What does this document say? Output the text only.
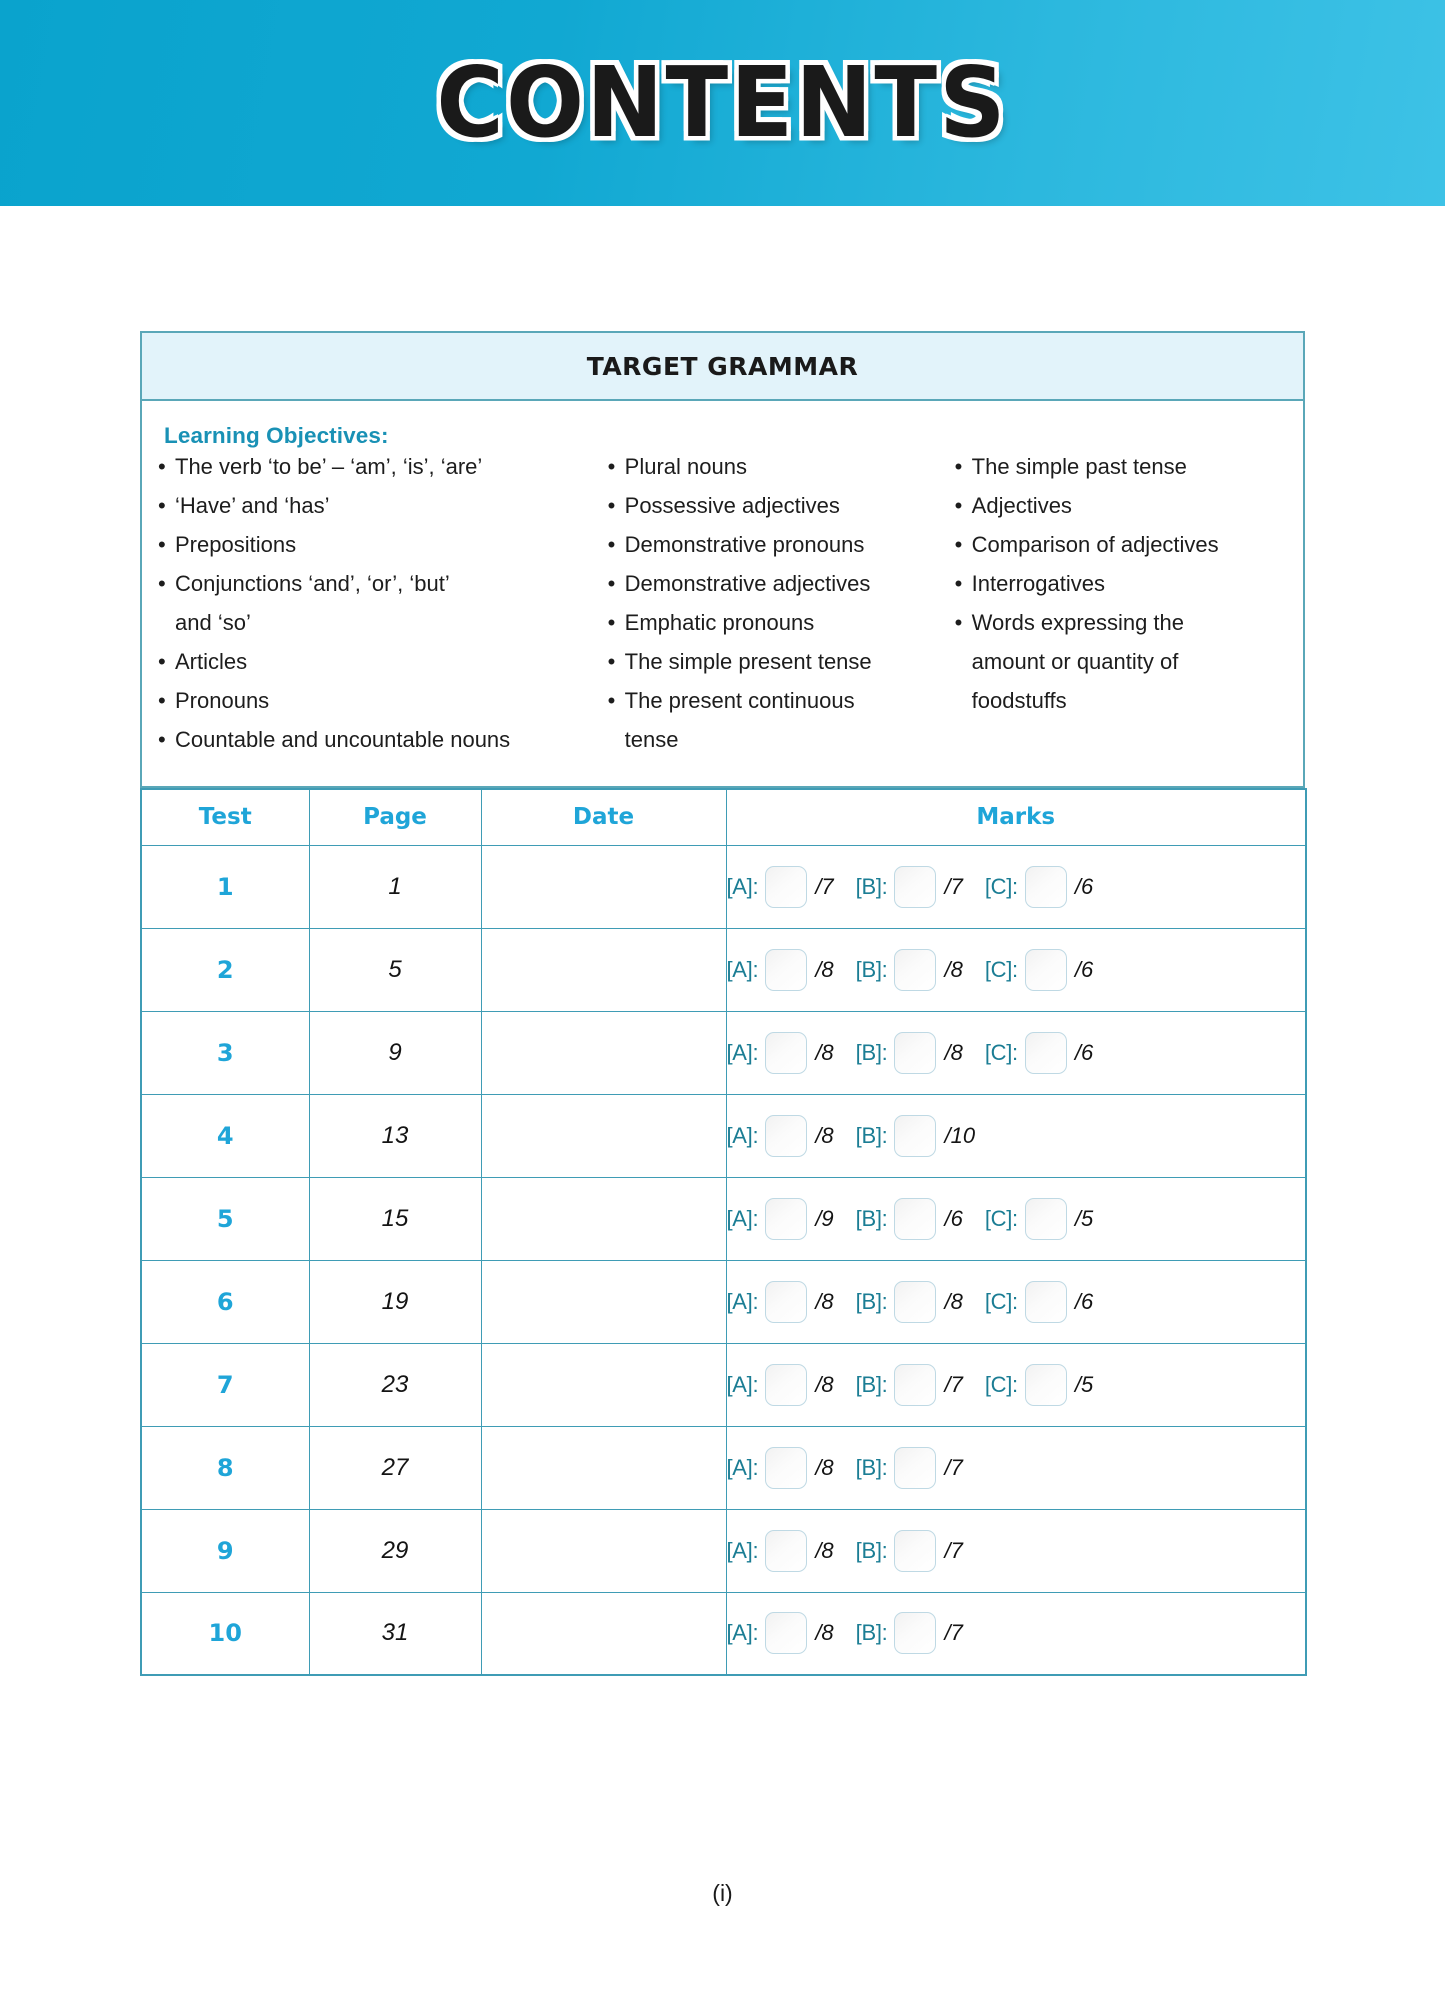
CONTENTS
TARGET GRAMMAR
Learning Objectives:
• The verb ‘to be’ – ‘am’, ‘is’, ‘are’
• ‘Have’ and ‘has’
• Prepositions
• Conjunctions ‘and’, ‘or’, ‘but’
and ‘so’
• Articles
• Pronouns
• Countable and uncountable nouns
• Plural nouns
• Possessive adjectives
• Demonstrative pronouns
• Demonstrative adjectives
• Emphatic pronouns
• The simple present tense
• The present continuous
tense
• The simple past tense
• Adjectives
• Comparison of adjectives
• Interrogatives
• Words expressing the
amount or quantity of
foodstuffs
Test	Page	Date	Marks
1	1		[A]:	/7 [B]:	/7 [C]:	/6

2	5		[A]:	/8 [B]:	/8 [C]:	/6

3	9		[A]:	/8 [B]:	/8 [C]:	/6

4	13		[A]: /8 [B]: /10

5	15		[A]:	/9 [B]:	/6 [C]:	/5

6	19		[A]:	/8 [B]:	/8 [C]:	/6

7	23		[A]:	/8 [B]:	/7 [C]:	/5

8	27		[A]: /8 [B]: /7

9	29		[A]: /8 [B]: /7

10	31		[A]: /8 [B]: /7
(i)
